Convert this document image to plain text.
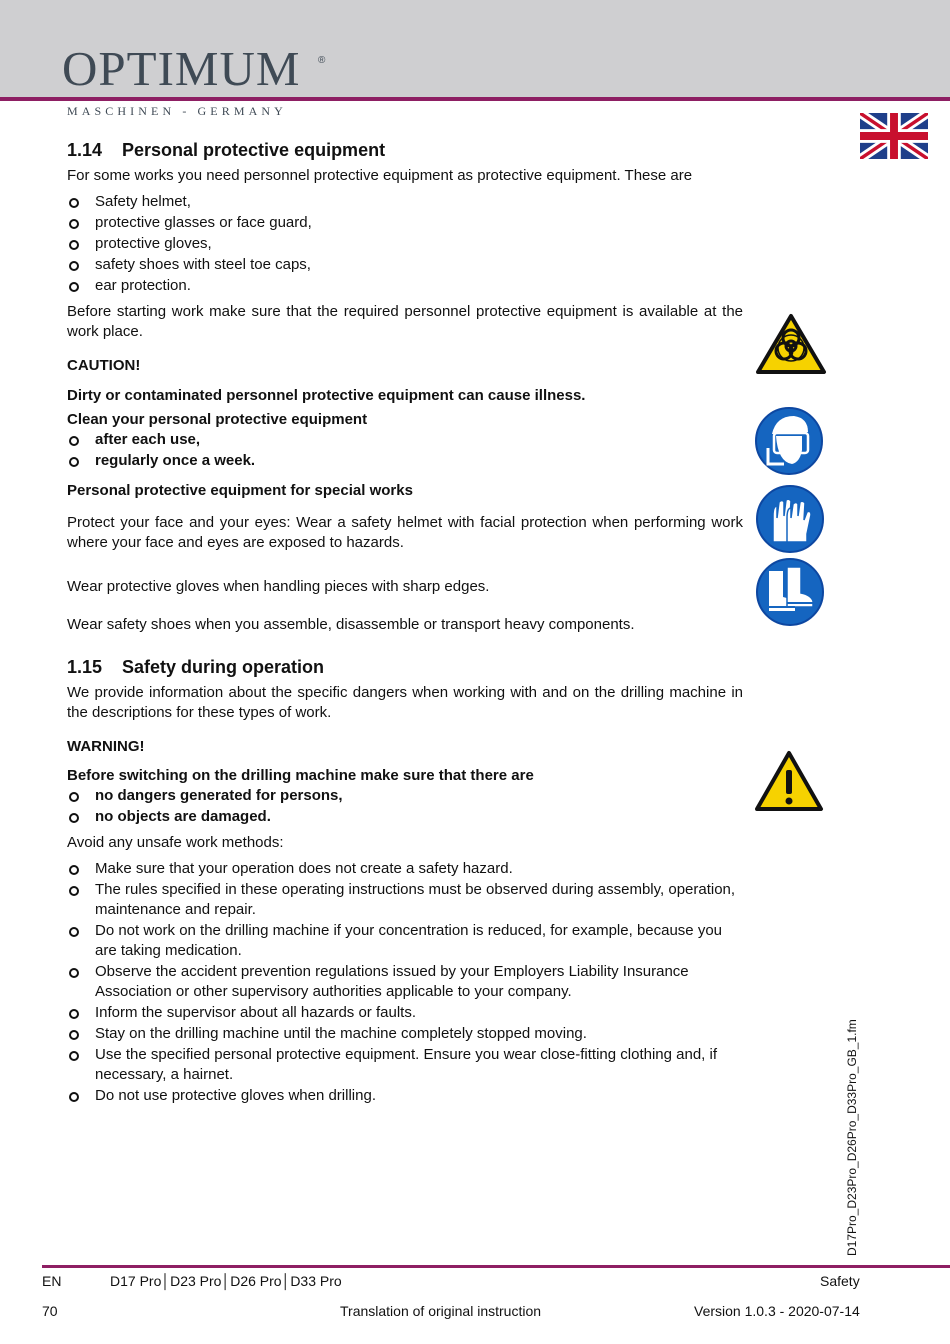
OPTIMUM ®
MASCHINEN - GERMANY
1.14 Personal protective equipment

For some works you need personnel protective equipment as protective equipment. These are

Safety helmet,
protective glasses or face guard,
protective gloves,
safety shoes with steel toe caps,
ear protection.

Before starting work make sure that the required personnel protective equipment is available at the work place.

CAUTION!

Dirty or contaminated personnel protective equipment can cause illness.

Clean your personal protective equipment

after each use,
regularly once a week.

Personal protective equipment for special works

Protect your face and your eyes: Wear a safety helmet with facial protection when performing work where your face and eyes are exposed to hazards.

Wear protective gloves when handling pieces with sharp edges.

Wear safety shoes when you assemble, disassemble or transport heavy components.

1.15 Safety during operation

We provide information about the specific dangers when working with and on the drilling machine in the descriptions for these types of work.

WARNING!

Before switching on the drilling machine make sure that there are

no dangers generated for persons,
no objects are damaged.

Avoid any unsafe work methods:

Make sure that your operation does not create a safety hazard.
The rules specified in these operating instructions must be observed during assembly, operation, maintenance and repair.
Do not work on the drilling machine if your concentration is reduced, for example, because you are taking medication.
Observe the accident prevention regulations issued by your Employers Liability Insurance Association or other supervisory authorities applicable to your company.
Inform the supervisor about all hazards or faults.
Stay on the drilling machine until the machine completely stopped moving.
Use the specified personal protective equipment. Ensure you wear close-fitting clothing and, if necessary, a hairnet.
Do not use protective gloves when drilling.	D17Pro_D23Pro_D26Pro_D33Pro_GB_1.fm
EN	D17 Pro│D23 Pro│D26 Pro│D33 Pro	Safety
70	Translation of original instruction	Version 1.0.3 - 2020-07-14
